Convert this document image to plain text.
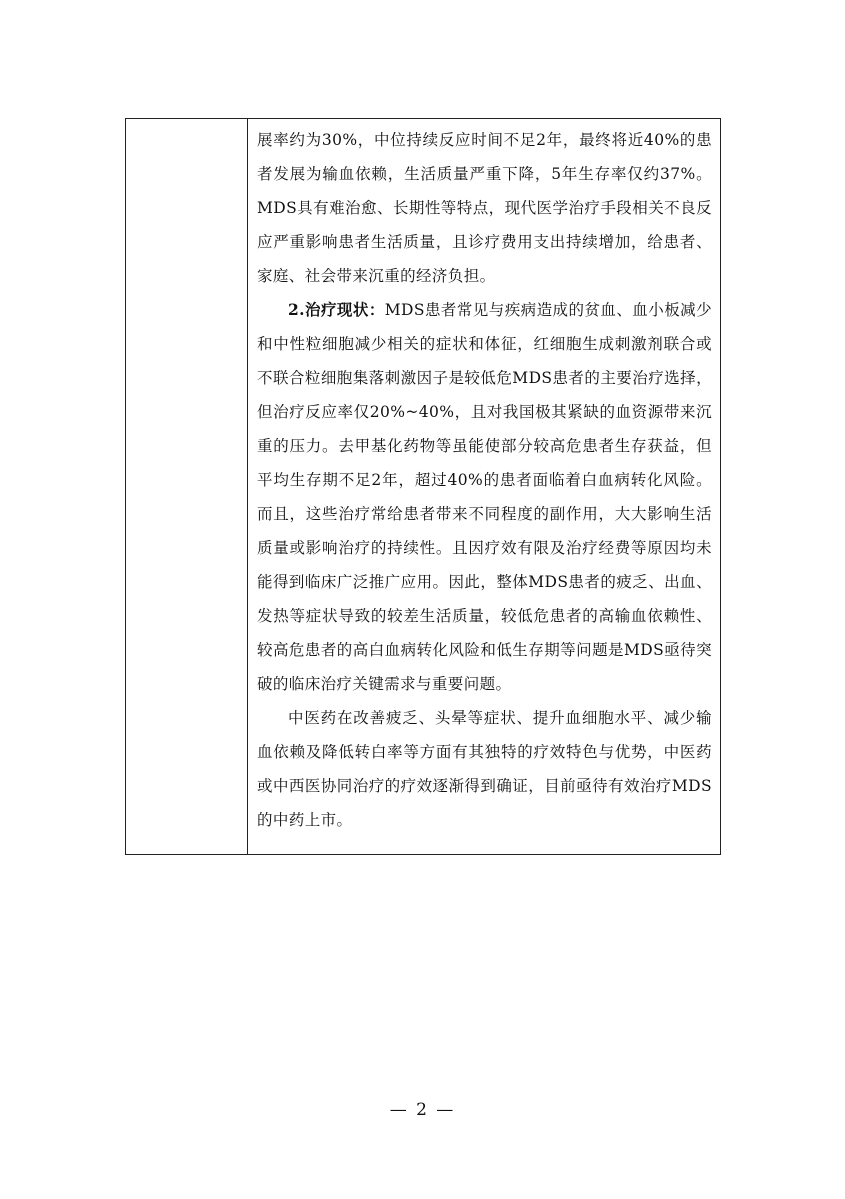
展率约为30%，中位持续反应时间不足2年，最终将近40%的患者发展为输血依赖，生活质量严重下降，5年生存率仅约37%。MDS具有难治愈、长期性等特点，现代医学治疗手段相关不良反应严重影响患者生活质量，且诊疗费用支出持续增加，给患者、家庭、社会带来沉重的经济负担。

2.治疗现状：MDS患者常见与疾病造成的贫血、血小板减少和中性粒细胞减少相关的症状和体征，红细胞生成刺激剂联合或不联合粒细胞集落刺激因子是较低危MDS患者的主要治疗选择，但治疗反应率仅20%~40%，且对我国极其紧缺的血资源带来沉重的压力。去甲基化药物等虽能使部分较高危患者生存获益，但平均生存期不足2年，超过40%的患者面临着白血病转化风险。而且，这些治疗常给患者带来不同程度的副作用，大大影响生活质量或影响治疗的持续性。且因疗效有限及治疗经费等原因均未能得到临床广泛推广应用。因此，整体MDS患者的疲乏、出血、发热等症状导致的较差生活质量，较低危患者的高输血依赖性、较高危患者的高白血病转化风险和低生存期等问题是MDS亟待突破的临床治疗关键需求与重要问题。

中医药在改善疲乏、头晕等症状、提升血细胞水平、减少输血依赖及降低转白率等方面有其独特的疗效特色与优势，中医药或中西医协同治疗的疗效逐渐得到确证，目前亟待有效治疗MDS的中药上市。

— 2 —
